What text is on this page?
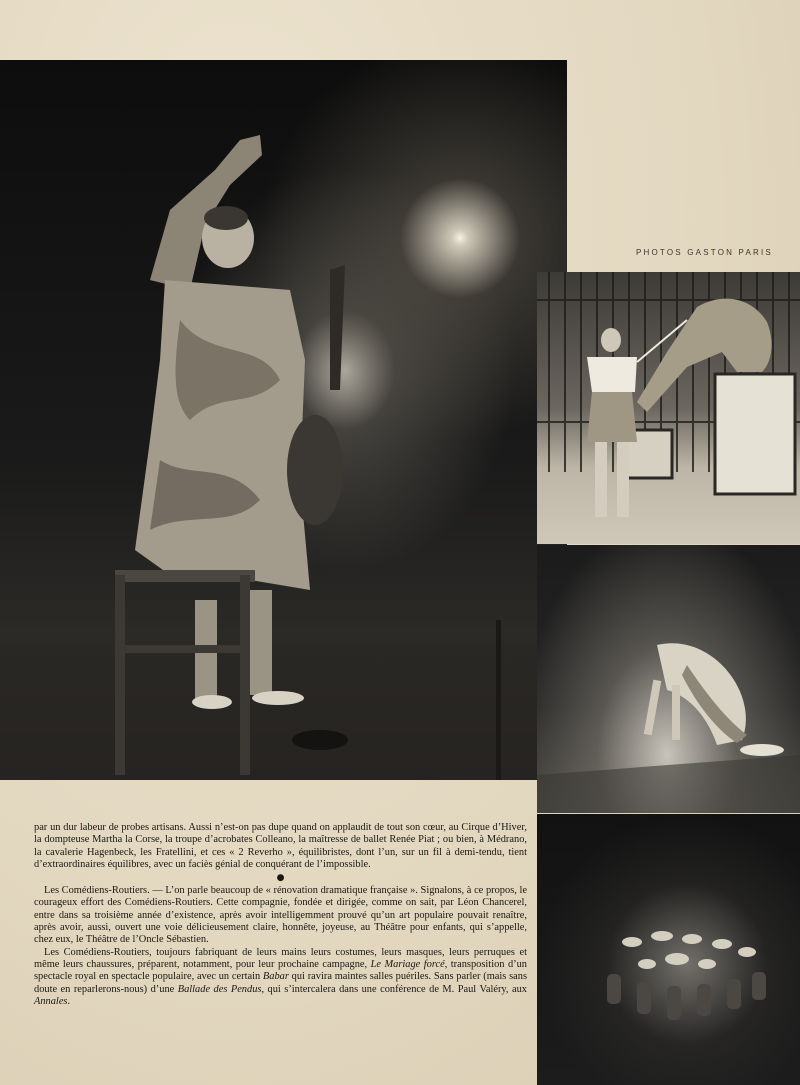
PHOTOS GASTON PARIS

par un dur labeur de probes artisans. Aussi n’est-on pas dupe quand on applaudit de tout son cœur, au Cirque d’Hiver, la dompteuse Martha la Corse, la troupe d’acrobates Colleano, la maîtresse de ballet Renée Piat ; ou bien, à Médrano, la cavalerie Hagenbeck, les Fratellini, et ces « 2 Reverho », équilibristes, dont l’un, sur un fil à demi-tendu, tient d’extraordinaires équilibres, avec un faciès génial de conquérant de l’impossible.

●

Les Comédiens-Routiers. — L’on parle beaucoup de « rénovation dramatique française ». Signalons, à ce propos, le courageux effort des Comédiens-Routiers. Cette compagnie, fondée et dirigée, comme on sait, par Léon Chancerel, entre dans sa troisième année d’existence, après avoir intelligemment prouvé qu’un art populaire pouvait renaître, après avoir, aussi, ouvert une voie délicieusement claire, honnête, joyeuse, au Théâtre pour enfants, qui s’appelle, chez eux, le Théâtre de l’Oncle Sébastien.

Les Comédiens-Routiers, toujours fabriquant de leurs mains leurs costumes, leurs masques, leurs perruques et même leurs chaussures, préparent, notamment, pour leur prochaine campagne, Le Mariage forcé, transposition d’un spectacle royal en spectacle populaire, avec un certain Babar qui ravira maintes salles puériles. Sans parler (mais sans doute en reparlerons-nous) d’une Ballade des Pendus, qui s’intercalera dans une conférence de M. Paul Valéry, aux Annales.
